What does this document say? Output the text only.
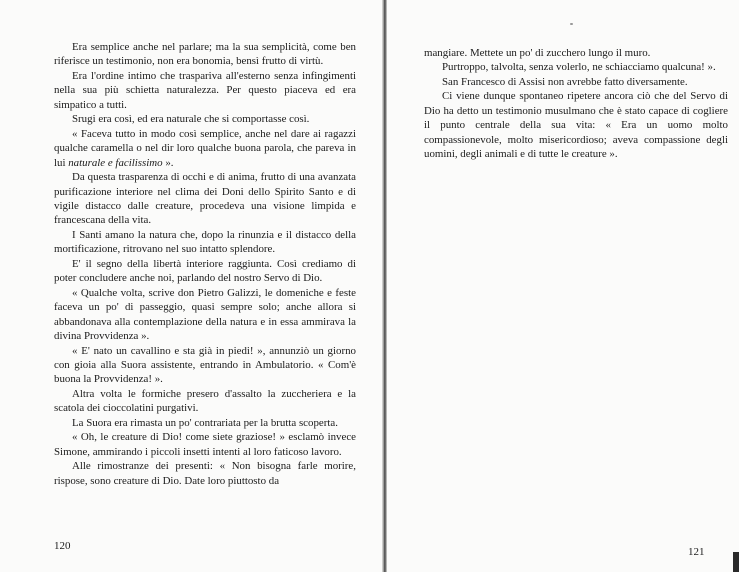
Era semplice anche nel parlare; ma la sua semplicità, come ben riferisce un testimonio, non era bonomia, bensì frutto di virtù.

Era l'ordine intimo che traspariva all'esterno senza infingimenti nella sua più schietta naturalezza. Per questo piaceva ed era simpatico a tutti.

Srugi era così, ed era naturale che si comportasse così.

« Faceva tutto in modo così semplice, anche nel dare ai ragazzi qualche caramella o nel dir loro qualche buona parola, che pareva in lui naturale e facilissimo ».

Da questa trasparenza di occhi e di anima, frutto di una avanzata purificazione interiore nel clima dei Doni dello Spirito Santo e di vigile distacco dalle creature, procedeva una visione limpida e francescana della vita.

I Santi amano la natura che, dopo la rinunzia e il distacco della mortificazione, ritrovano nel suo intatto splendore.

E' il segno della libertà interiore raggiunta. Così crediamo di poter concludere anche noi, parlando del nostro Servo di Dio.

« Qualche volta, scrive don Pietro Galizzi, le domeniche e feste faceva un po' di passeggio, quasi sempre solo; anche allora si abbandonava alla contemplazione della natura e in essa ammirava la divina Provvidenza ».

« E' nato un cavallino e sta già in piedi! », annunziò un giorno con gioia alla Suora assistente, entrando in Ambulatorio. « Com'è buona la Provvidenza! ».

Altra volta le formiche presero d'assalto la zuccheriera e la scatola dei cioccolatini purgativi.

La Suora era rimasta un po' contrariata per la brutta scoperta.

« Oh, le creature di Dio! come siete graziose! » esclamò invece Simone, ammirando i piccoli insetti intenti al loro faticoso lavoro.

Alle rimostranze dei presenti: « Non bisogna farle morire, rispose, sono creature di Dio. Date loro piuttosto da

120

mangiare. Mettete un po' di zucchero lungo il muro.

Purtroppo, talvolta, senza volerlo, ne schiacciamo qualcuna! ».

San Francesco di Assisi non avrebbe fatto diversamente.

Ci viene dunque spontaneo ripetere ancora ciò che del Servo di Dio ha detto un testimonio musulmano che è stato capace di cogliere il punto centrale della sua vita: « Era un uomo molto compassionevole, molto misericordioso; aveva compassione degli uomini, degli animali e di tutte le creature ».

121
